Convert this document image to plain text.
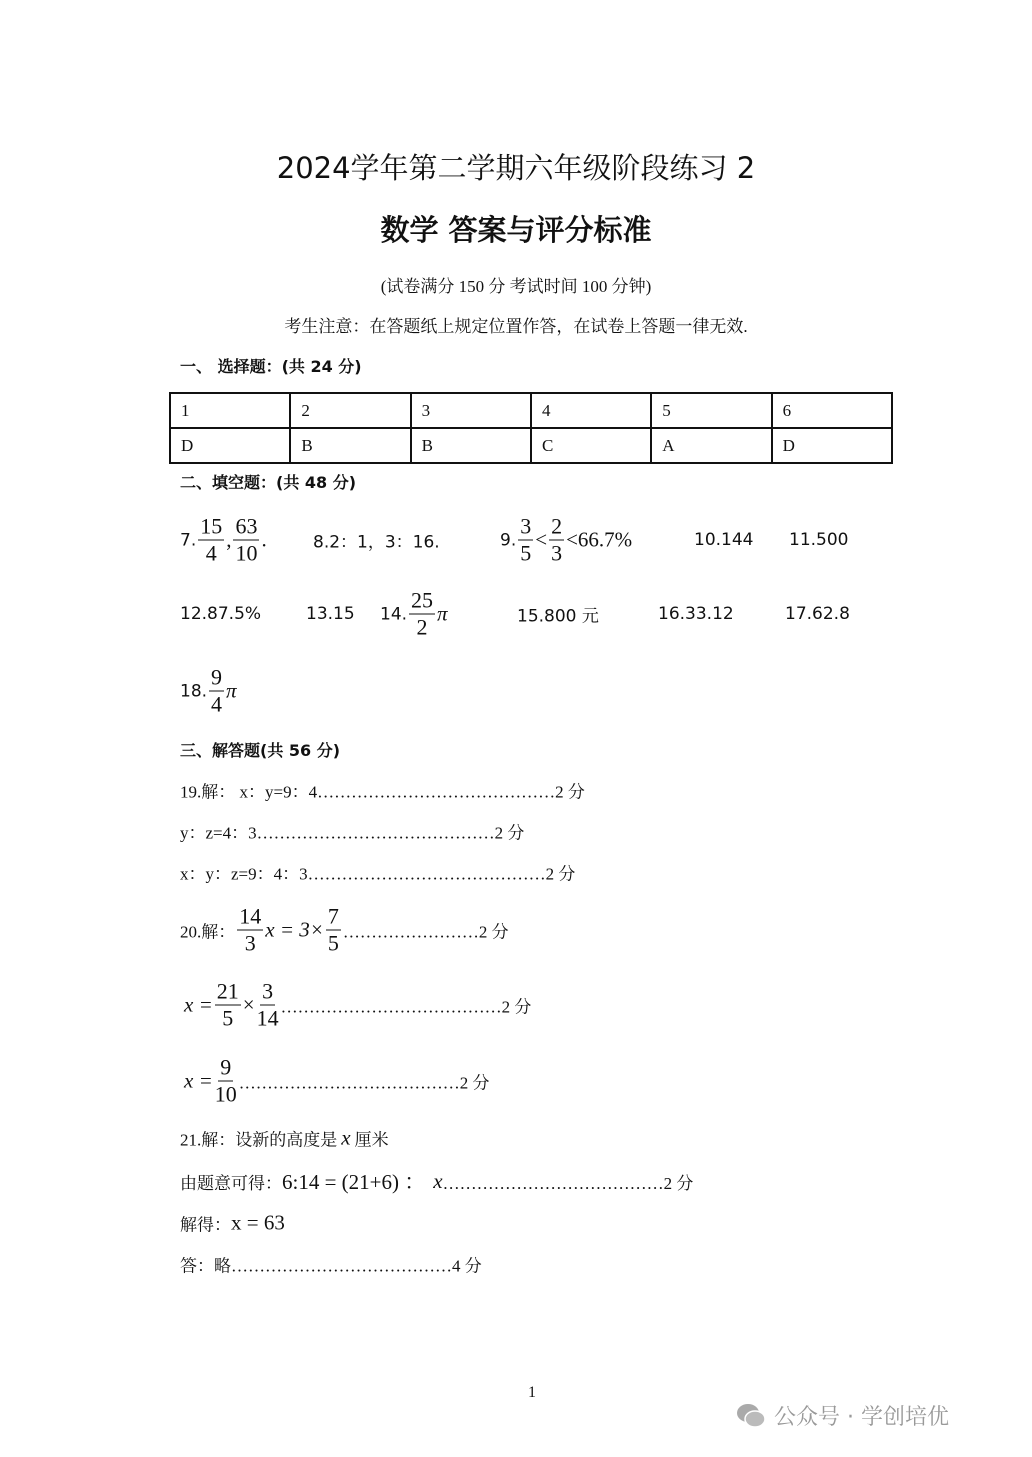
2024学年第二学期六年级阶段练习 2
数学 答案与评分标准
(试卷满分 150 分 考试时间 100 分钟)
考生注意：在答题纸上规定位置作答，在试卷上答题一律无效.
一、 选择题：(共 24 分)
1	2	3	4	5	6
D	B	B	C	A	D
二、填空题：(共 48 分)
7. $\frac{15}{4}$ , $\frac{63}{10}$ .	8.2：1，3：16.	9. $\frac{3}{5} < \frac{2}{3} <66.7\%$	10.144 11.500
12.87.5%	13.15 14. $\frac{25}{2}$ π	15.800 元	16.33.12	17.62.8
18. $\frac{9}{4}$ π
三、解答题(共 56 分)
19.解： x：y=9：4……………………………………2 分
y：z=4：3……………………………………2 分
x：y：z=9：4：3……………………………………2 分
20.解： $\frac{14}{3}$ $x = 3\times \frac{7}{5}$ ……………………2 分
$x = \frac{21}{5} \times \frac{3}{14}$ …………………………………2 分
$x = \frac{9}{10}$ …………………………………2 分
21.解：设新的高度是 x 厘米
由题意可得： 6:14 = (21+6) ： x …………………………………2 分
解得： x = 63
答：略…………………………………4 分
1
公众号 · 学创培优
